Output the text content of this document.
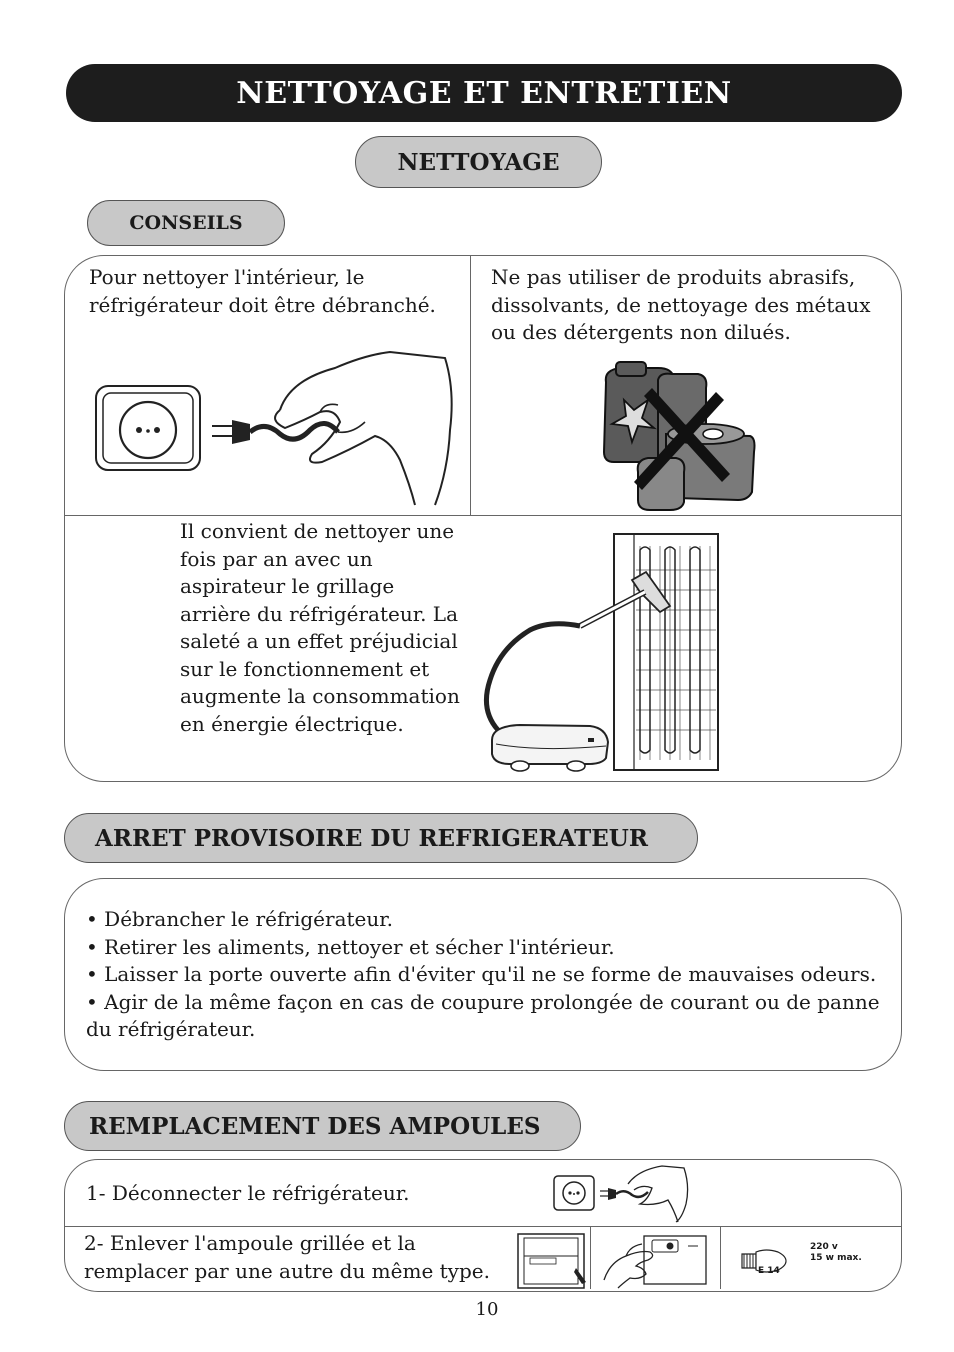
NETTOYAGE ET ENTRETIEN
NETTOYAGE
CONSEILS
Pour nettoyer l'intérieur, le réfrigérateur doit être débranché.
Ne pas utiliser de produits abrasifs, dissolvants, de nettoyage des métaux ou des détergents non dilués.
Il convient de nettoyer une fois par an avec un aspirateur le grillage arrière du réfrigérateur. La saleté a un effet préjudicial sur le fonctionnement et augmente la consommation en énergie électrique.
ARRET PROVISOIRE DU REFRIGERATEUR
• Débrancher le réfrigérateur.
• Retirer les aliments, nettoyer et sécher l'intérieur.
• Laisser la porte ouverte afin d'éviter qu'il ne se forme de mauvaises odeurs.
• Agir de la même façon en cas de coupure prolongée de courant ou de panne du réfrigérateur.
REMPLACEMENT DES AMPOULES
1- Déconnecter le réfrigérateur.
2- Enlever l'ampoule grillée et la remplacer par une autre du même type.	E 14
220 v
15 w max.
10
